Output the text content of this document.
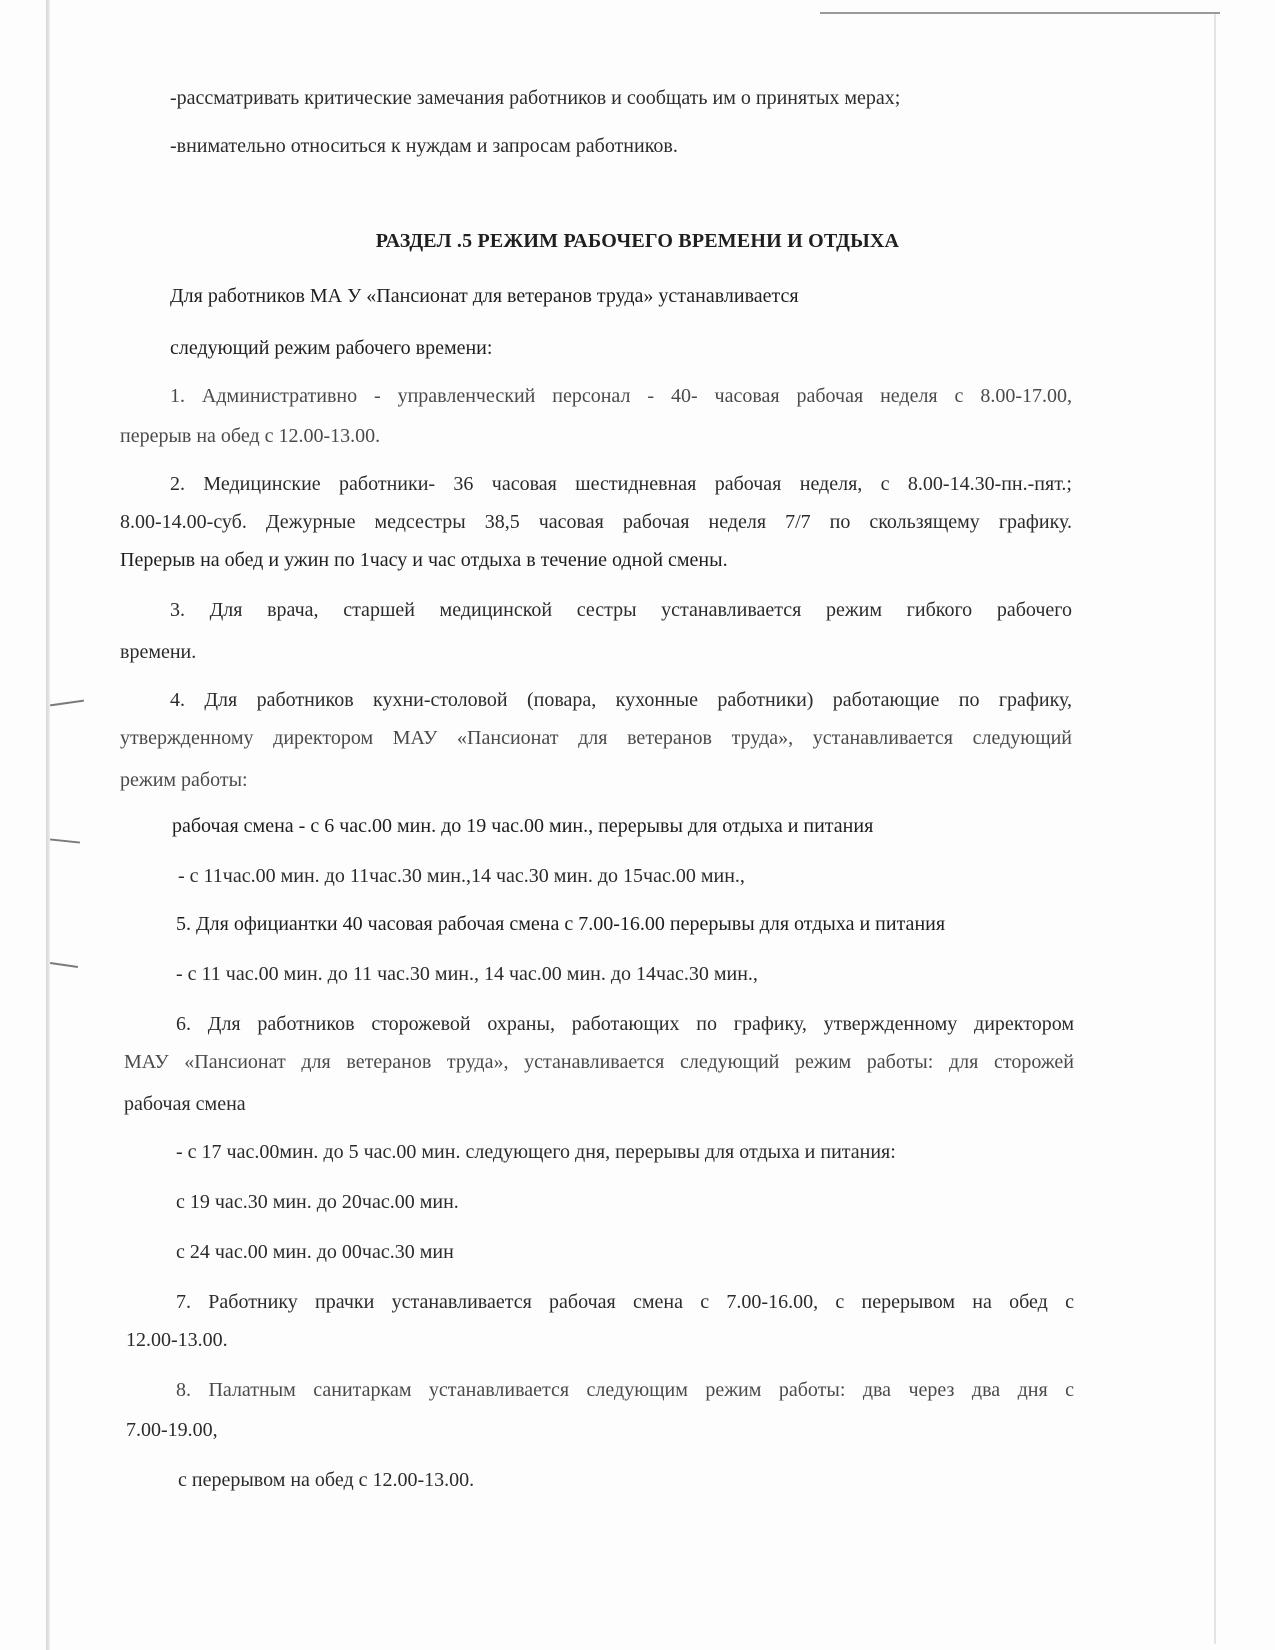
-рассматривать критические замечания работников и сообщать им о принятых мерах;
-внимательно относиться к нуждам и запросам работников.
РАЗДЕЛ .5 РЕЖИМ РАБОЧЕГО ВРЕМЕНИ И ОТДЫХА
Для работников МА У «Пансионат для ветеранов труда» устанавливается
следующий режим рабочего времени:
1. Административно - управленческий персонал - 40- часовая рабочая неделя с 8.00-17.00,
перерыв на обед с 12.00-13.00.
2. Медицинские работники- 36 часовая шестидневная рабочая неделя, с 8.00-14.30-пн.-пят.;
8.00-14.00-суб. Дежурные медсестры 38,5 часовая рабочая неделя 7/7 по скользящему графику.
Перерыв на обед и ужин по 1часу и час отдыха в течение одной смены.
3. Для врача, старшей медицинской сестры устанавливается режим гибкого рабочего
времени.
4. Для работников кухни-столовой (повара, кухонные работники) работающие по графику,
утвержденному директором МАУ «Пансионат для ветеранов труда», устанавливается следующий
режим работы:
рабочая смена - с 6 час.00 мин. до 19 час.00 мин., перерывы для отдыха и питания
- с 11час.00 мин. до 11час.30 мин.,14 час.30 мин. до 15час.00 мин.,
5. Для официантки 40 часовая рабочая смена с 7.00-16.00 перерывы для отдыха и питания
- с 11 час.00 мин. до 11 час.30 мин., 14 час.00 мин. до 14час.30 мин.,
6. Для работников сторожевой охраны, работающих по графику, утвержденному директором
МАУ «Пансионат для ветеранов труда», устанавливается следующий режим работы: для сторожей
рабочая смена
- с 17 час.00мин. до 5 час.00 мин. следующего дня, перерывы для отдыха и питания:
с 19 час.30 мин. до 20час.00 мин.
с 24 час.00 мин. до 00час.30 мин
7. Работнику прачки устанавливается рабочая смена с 7.00-16.00, с перерывом на обед с
12.00-13.00.
8. Палатным санитаркам устанавливается следующим режим работы: два через два дня с
7.00-19.00,
с перерывом на обед с 12.00-13.00.
